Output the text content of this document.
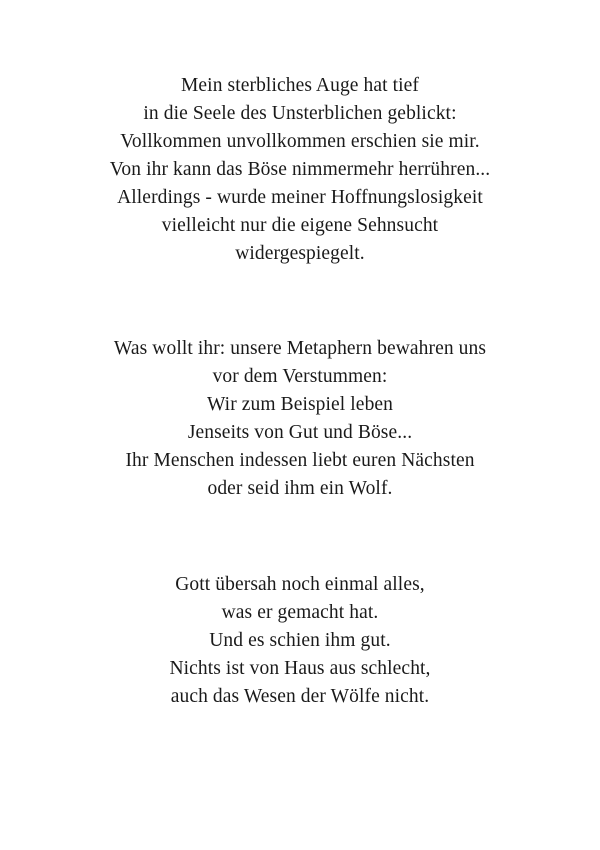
Mein sterbliches Auge hat tief
in die Seele des Unsterblichen geblickt:
Vollkommen unvollkommen erschien sie mir.
Von ihr kann das Böse nimmermehr herrühren...
Allerdings - wurde meiner Hoffnungslosigkeit
vielleicht nur die eigene Sehnsucht
widergespiegelt.
Was wollt ihr: unsere Metaphern bewahren uns
vor dem Verstummen:
Wir zum Beispiel leben
Jenseits von Gut und Böse...
Ihr Menschen indessen liebt euren Nächsten
oder seid ihm ein Wolf.
Gott übersah noch einmal alles,
was er gemacht hat.
Und es schien ihm gut.
Nichts ist von Haus aus schlecht,
auch das Wesen der Wölfe nicht.
